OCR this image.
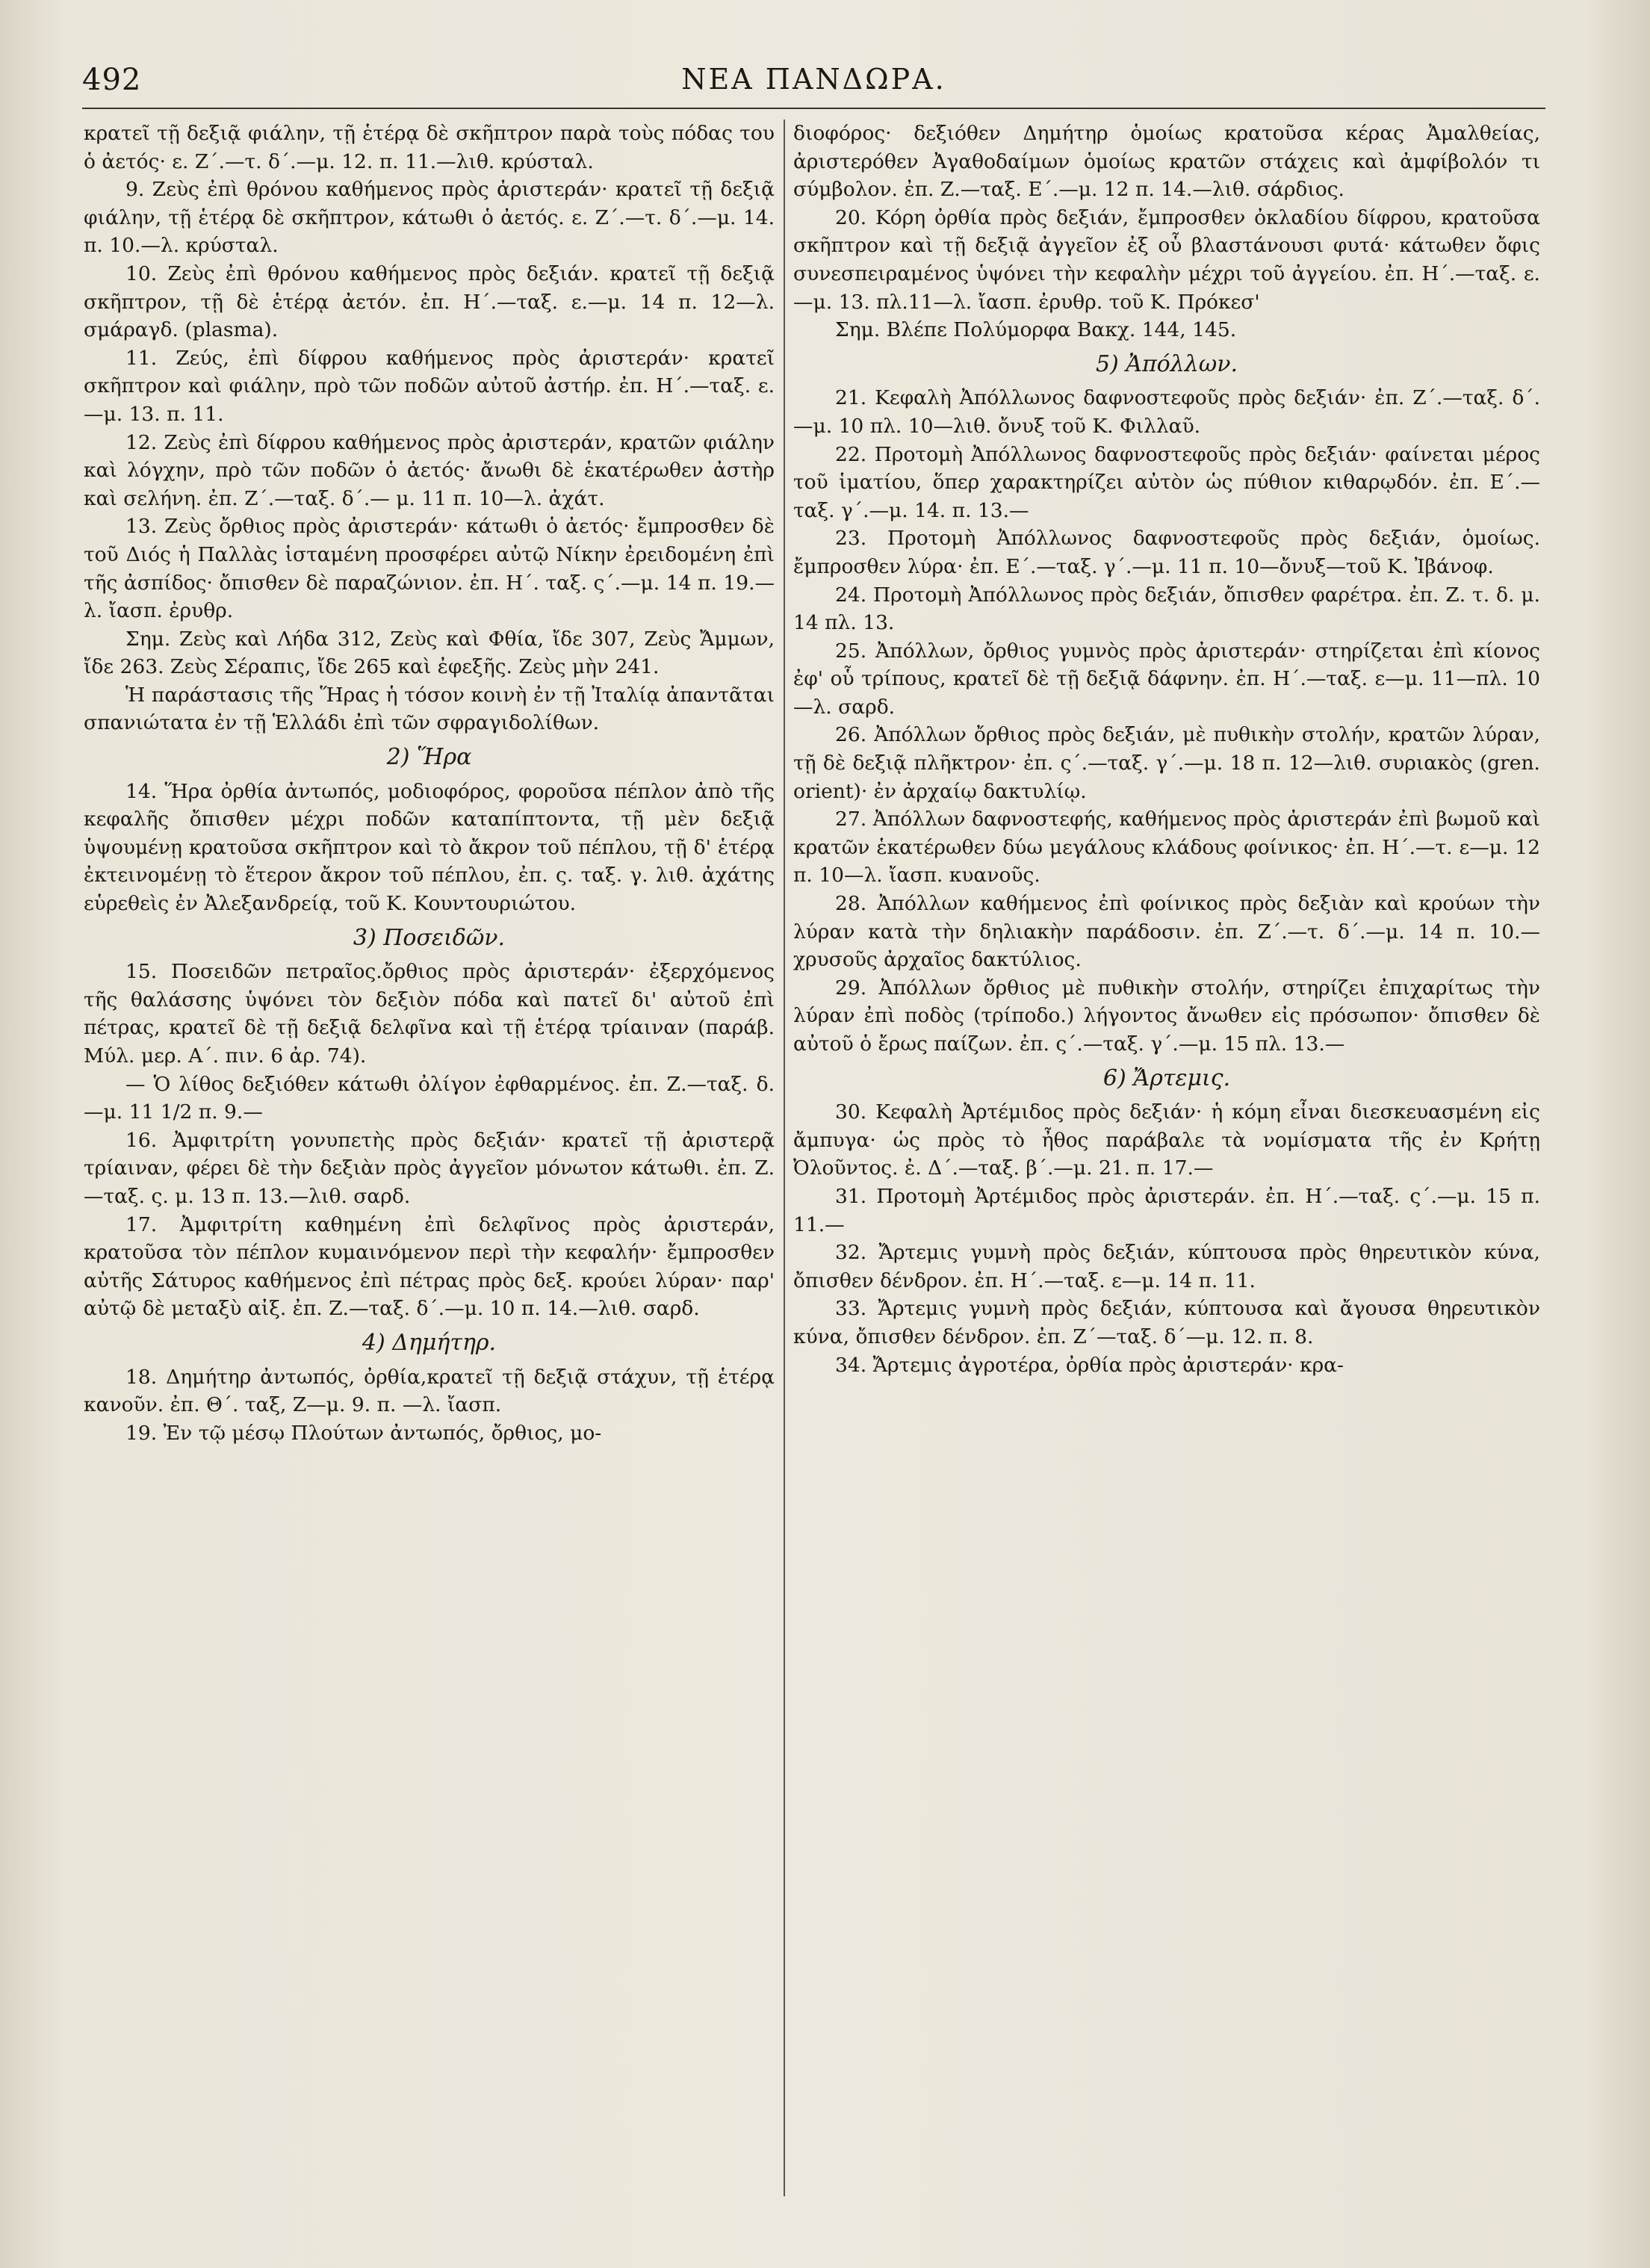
492	ΝΕΑ ΠΑΝΔΩΡΑ.

κρατεῖ τῇ δεξιᾷ φιάλην, τῇ ἑτέρᾳ δὲ σκῆπτρον παρὰ τοὺς πόδας του ὁ ἀετός· ε. Ζ΄.—τ. δ΄.—μ. 12. π. 11.—λιθ. κρύσταλ.

9. Ζεὺς ἐπὶ θρόνου καθήμενος πρὸς ἀριστεράν· κρατεῖ τῇ δεξιᾷ φιάλην, τῇ ἑτέρᾳ δὲ σκῆπτρον, κάτωθι ὁ ἀετός. ε. Ζ΄.—τ. δ΄.—μ. 14. π. 10.—λ. κρύσταλ.

10. Ζεὺς ἐπὶ θρόνου καθήμενος πρὸς δεξιάν. κρατεῖ τῇ δεξιᾷ σκῆπτρον, τῇ δὲ ἑτέρᾳ ἀετόν. ἐπ. Η΄.—ταξ. ε.—μ. 14 π. 12—λ. σμάραγδ. (plasma).

11. Ζεύς, ἐπὶ δίφρου καθήμενος πρὸς ἀριστεράν· κρατεῖ σκῆπτρον καὶ φιάλην, πρὸ τῶν ποδῶν αὐτοῦ ἀστήρ. ἐπ. Η΄.—ταξ. ε.—μ. 13. π. 11.

12. Ζεὺς ἐπὶ δίφρου καθήμενος πρὸς ἀριστεράν, κρατῶν φιάλην καὶ λόγχην, πρὸ τῶν ποδῶν ὁ ἀετός· ἄνωθι δὲ ἑκατέρωθεν ἀστὴρ καὶ σελήνη. ἐπ. Ζ΄.—ταξ. δ΄.— μ. 11 π. 10—λ. ἀχάτ.

13. Ζεὺς ὄρθιος πρὸς ἀριστεράν· κάτωθι ὁ ἀετός· ἔμπροσθεν δὲ τοῦ Διός ἡ Παλλὰς ἱσταμένη προσφέρει αὐτῷ Νίκην ἐρειδομένη ἐπὶ τῆς ἀσπίδος· ὄπισθεν δὲ παραζώνιον. ἐπ. Η΄. ταξ. ς΄.—μ. 14 π. 19.—λ. ἴασπ. ἐρυθρ.

Σημ. Ζεὺς καὶ Λήδα 312, Ζεὺς καὶ Φθία, ἴδε 307, Ζεὺς Ἄμμων, ἴδε 263. Ζεὺς Σέραπις, ἴδε 265 καὶ ἐφεξῆς. Ζεὺς μὴν 241.

Ἡ παράστασις τῆς Ἥρας ἡ τόσον κοινὴ ἐν τῇ Ἰταλίᾳ ἀπαντᾶται σπανιώτατα ἐν τῇ Ἑλλάδι ἐπὶ τῶν σφραγιδολίθων.

2) Ἥρα

14. Ἥρα ὀρθία ἀντωπός, μοδιοφόρος, φοροῦσα πέπλον ἀπὸ τῆς κεφαλῆς ὄπισθεν μέχρι ποδῶν καταπίπτοντα, τῇ μὲν δεξιᾷ ὑψουμένῃ κρατοῦσα σκῆπτρον καὶ τὸ ἄκρον τοῦ πέπλου, τῇ δ' ἑτέρᾳ ἐκτεινομένῃ τὸ ἕτερον ἄκρον τοῦ πέπλου, ἐπ. ς. ταξ. γ. λιθ. ἀχάτης εὑρεθεὶς ἐν Ἀλεξανδρείᾳ, τοῦ Κ. Κουντουριώτου.

3) Ποσειδῶν.

15. Ποσειδῶν πετραῖος.ὄρθιος πρὸς ἀριστεράν· ἐξερχόμενος τῆς θαλάσσης ὑψόνει τὸν δεξιὸν πόδα καὶ πατεῖ δι' αὐτοῦ ἐπὶ πέτρας, κρατεῖ δὲ τῇ δεξιᾷ δελφῖνα καὶ τῇ ἑτέρᾳ τρίαιναν (παράβ. Μύλ. μερ. Α΄. πιν. 6 ἀρ. 74).

— Ὁ λίθος δεξιόθεν κάτωθι ὀλίγον ἐφθαρμένος. ἐπ. Ζ.—ταξ. δ.—μ. 11 1/2 π. 9.—

16. Ἀμφιτρίτη γονυπετὴς πρὸς δεξιάν· κρατεῖ τῇ ἀριστερᾷ τρίαιναν, φέρει δὲ τὴν δεξιὰν πρὸς ἀγγεῖον μόνωτον κάτωθι. ἐπ. Ζ.—ταξ. ς. μ. 13 π. 13.—λιθ. σαρδ.

17. Ἀμφιτρίτη καθημένη ἐπὶ δελφῖνος πρὸς ἀριστεράν, κρατοῦσα τὸν πέπλον κυμαινόμενον περὶ τὴν κεφαλήν· ἔμπροσθεν αὐτῆς Σάτυρος καθήμενος ἐπὶ πέτρας πρὸς δεξ. κρούει λύραν· παρ' αὐτῷ δὲ μεταξὺ αἰξ. ἐπ. Ζ.—ταξ. δ΄.—μ. 10 π. 14.—λιθ. σαρδ.

4) Δημήτηρ.

18. Δημήτηρ ἀντωπός, ὀρθία,κρατεῖ τῇ δεξιᾷ στάχυν, τῇ ἑτέρᾳ κανοῦν. ἐπ. Θ΄. ταξ, Ζ—μ. 9. π. —λ. ἴασπ.

19. Ἐν τῷ μέσῳ Πλούτων ἀντωπός, ὄρθιος, μο-

διοφόρος· δεξιόθεν Δημήτηρ ὁμοίως κρατοῦσα κέρας Ἀμαλθείας, ἀριστερόθεν Ἀγαθοδαίμων ὁμοίως κρατῶν στάχεις καὶ ἀμφίβολόν τι σύμβολον. ἐπ. Ζ.—ταξ. Ε΄.—μ. 12 π. 14.—λιθ. σάρδιος.

20. Κόρη ὀρθία πρὸς δεξιάν, ἔμπροσθεν ὀκλαδίου δίφρου, κρατοῦσα σκῆπτρον καὶ τῇ δεξιᾷ ἀγγεῖον ἐξ οὗ βλαστάνουσι φυτά· κάτωθεν ὄφις συνεσπειραμένος ὑψόνει τὴν κεφαλὴν μέχρι τοῦ ἀγγείου. ἐπ. Η΄.—ταξ. ε.—μ. 13. πλ.11—λ. ἴασπ. ἐρυθρ. τοῦ Κ. Πρόκεσ'

Σημ. Βλέπε Πολύμορφα Βακχ. 144, 145.

5) Ἀπόλλων.

21. Κεφαλὴ Ἀπόλλωνος δαφνοστεφοῦς πρὸς δεξιάν· ἐπ. Ζ΄.—ταξ. δ΄.—μ. 10 πλ. 10—λιθ. ὄνυξ τοῦ Κ. Φιλλαῦ.

22. Προτομὴ Ἀπόλλωνος δαφνοστεφοῦς πρὸς δεξιάν· φαίνεται μέρος τοῦ ἱματίου, ὅπερ χαρακτηρίζει αὐτὸν ὡς πύθιον κιθαρῳδόν. ἐπ. Ε΄.—ταξ. γ΄.—μ. 14. π. 13.—

23. Προτομὴ Ἀπόλλωνος δαφνοστεφοῦς πρὸς δεξιάν, ὁμοίως. ἔμπροσθεν λύρα· ἐπ. Ε΄.—ταξ. γ΄.—μ. 11 π. 10—ὄνυξ—τοῦ Κ. Ἰβάνοφ.

24. Προτομὴ Ἀπόλλωνος πρὸς δεξιάν, ὄπισθεν φαρέτρα. ἐπ. Ζ. τ. δ. μ. 14 πλ. 13.

25. Ἀπόλλων, ὄρθιος γυμνὸς πρὸς ἀριστεράν· στηρίζεται ἐπὶ κίονος ἐφ' οὗ τρίπους, κρατεῖ δὲ τῇ δεξιᾷ δάφνην. ἐπ. Η΄.—ταξ. ε—μ. 11—πλ. 10—λ. σαρδ.

26. Ἀπόλλων ὄρθιος πρὸς δεξιάν, μὲ πυθικὴν στολήν, κρατῶν λύραν, τῇ δὲ δεξιᾷ πλῆκτρον· ἐπ. ς΄.—ταξ. γ΄.—μ. 18 π. 12—λιθ. συριακὸς (gren. orient)· ἐν ἀρχαίῳ δακτυλίῳ.

27. Ἀπόλλων δαφνοστεφής, καθήμενος πρὸς ἀριστεράν ἐπὶ βωμοῦ καὶ κρατῶν ἑκατέρωθεν δύω μεγάλους κλάδους φοίνικος· ἐπ. Η΄.—τ. ε—μ. 12 π. 10—λ. ἴασπ. κυανοῦς.

28. Ἀπόλλων καθήμενος ἐπὶ φοίνικος πρὸς δεξιὰν καὶ κρούων τὴν λύραν κατὰ τὴν δηλιακὴν παράδοσιν. ἐπ. Ζ΄.—τ. δ΄.—μ. 14 π. 10.—χρυσοῦς ἀρχαῖος δακτύλιος.

29. Ἀπόλλων ὄρθιος μὲ πυθικὴν στολήν, στηρίζει ἐπιχαρίτως τὴν λύραν ἐπὶ ποδὸς (τρίποδο.) λήγοντος ἄνωθεν εἰς πρόσωπον· ὄπισθεν δὲ αὐτοῦ ὁ ἔρως παίζων. ἐπ. ς΄.—ταξ. γ΄.—μ. 15 πλ. 13.—

6) Ἄρτεμις.

30. Κεφαλὴ Ἀρτέμιδος πρὸς δεξιάν· ἡ κόμη εἶναι διεσκευασμένη εἰς ἄμπυγα· ὡς πρὸς τὸ ἦθος παράβαλε τὰ νομίσματα τῆς ἐν Κρήτῃ Ὀλοῦντος. ἐ. Δ΄.—ταξ. β΄.—μ. 21. π. 17.—

31. Προτομὴ Ἀρτέμιδος πρὸς ἀριστεράν. ἐπ. Η΄.—ταξ. ς΄.—μ. 15 π. 11.—

32. Ἄρτεμις γυμνὴ πρὸς δεξιάν, κύπτουσα πρὸς θηρευτικὸν κύνα, ὄπισθεν δένδρον. ἐπ. Η΄.—ταξ. ε—μ. 14 π. 11.

33. Ἄρτεμις γυμνὴ πρὸς δεξιάν, κύπτουσα καὶ ἄγουσα θηρευτικὸν κύνα, ὄπισθεν δένδρον. ἐπ. Ζ΄—ταξ. δ΄—μ. 12. π. 8.

34. Ἄρτεμις ἀγροτέρα, ὀρθία πρὸς ἀριστεράν· κρα-
